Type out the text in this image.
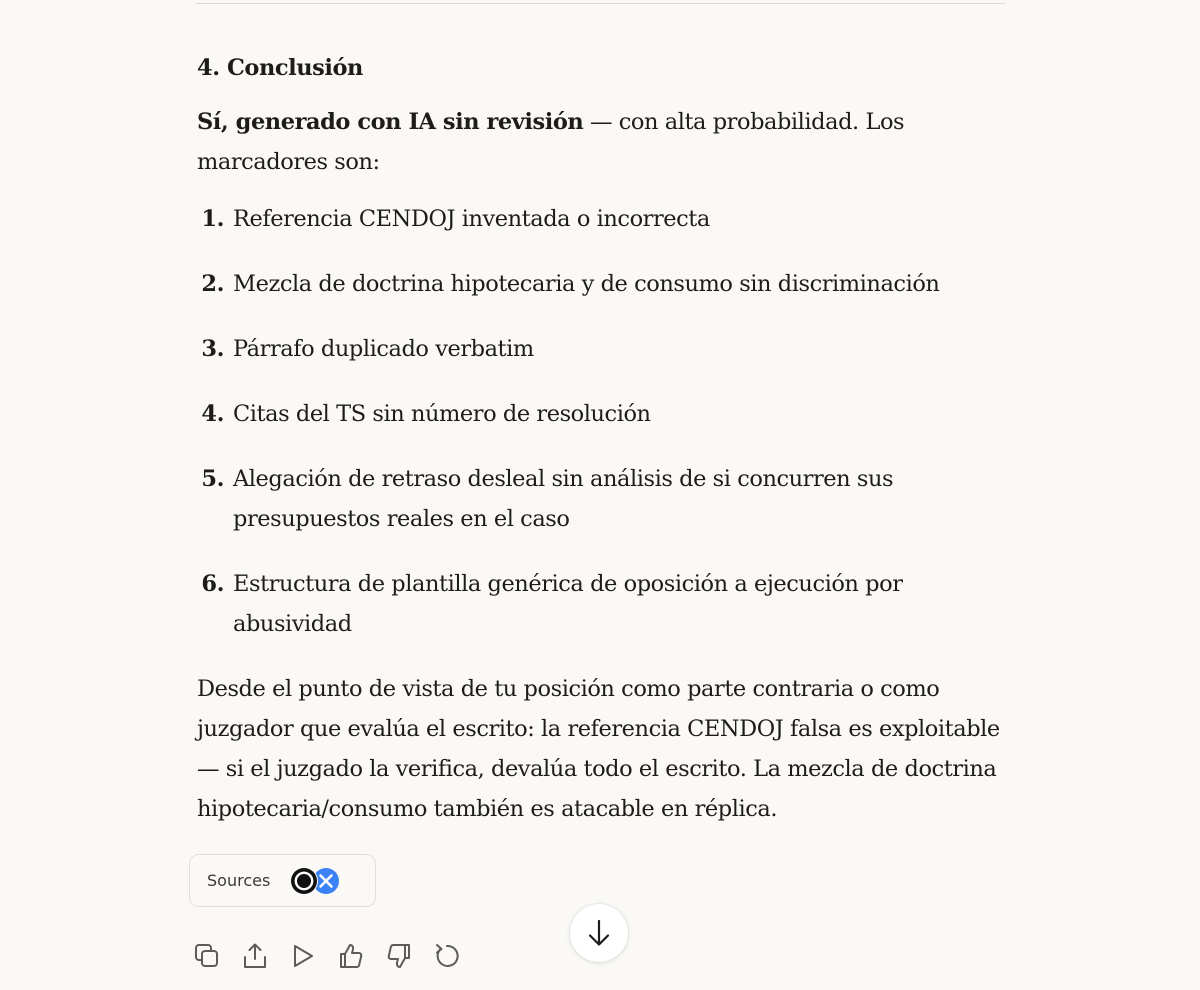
4. Conclusión

Sí, generado con IA sin revisión — con alta probabilidad. Los
marcadores son:

1. Referencia CENDOJ inventada o incorrecta
2. Mezcla de doctrina hipotecaria y de consumo sin discriminación
3. Párrafo duplicado verbatim
4. Citas del TS sin número de resolución
5. Alegación de retraso desleal sin análisis de si concurren sus
presupuestos reales en el caso
6. Estructura de plantilla genérica de oposición a ejecución por
abusividad

Desde el punto de vista de tu posición como parte contraria o como
juzgador que evalúa el escrito: la referencia CENDOJ falsa es exploitable
— si el juzgado la verifica, devalúa todo el escrito. La mezcla de doctrina
hipotecaria/consumo también es atacable en réplica.

Sources
